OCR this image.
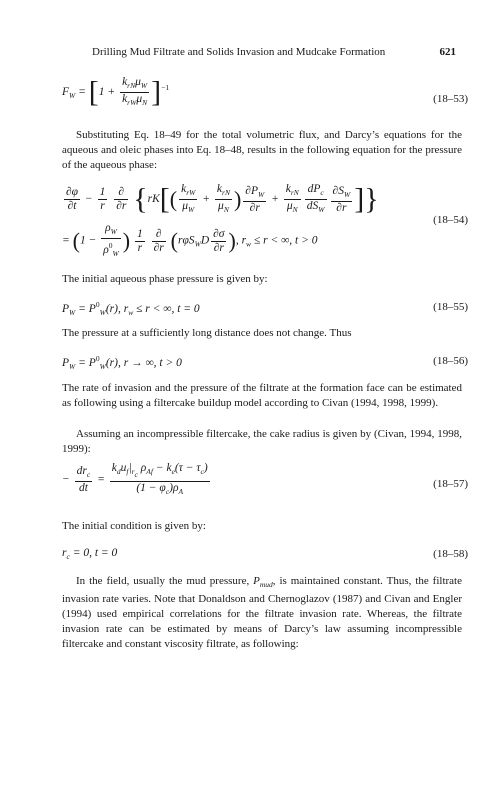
Drilling Mud Filtrate and Solids Invasion and Mudcake Formation	621
$F_W = [1 + \frac{k_{rN}\mu_W}{k_{rW}\mu_N} ]^{-1}$
(18–53)
Substituting Eq. 18–49 for the total volumetric flux, and Darcy’s equations for the aqueous and oleic phases into Eq. 18–48, results in the following equation for the pressure of the aqueous phase:
$\frac{\partial\varphi}{\partial t} - \frac{1}{r}$
$\frac{\partial}{\partial r} \{rK[( \frac{k_{rW}}{\mu_W} + \frac{k_{rN}}{\mu_N}$ ) $\frac{\partial P_W}{\partial r} + \frac{k_{rN}}{\mu_N} \frac{dP_c}{dS_W} \frac{\partial S_W}{\partial r}$ ]}
= ($1 - \frac{\rho_W}{\rho^0_W}$ ) $\frac{1}{r}$
$\frac{\partial}{\partial r} (r\varphi S_WD \frac{\partial\sigma}{\partial r}$ ), $r_w \le r$ < ∞, t > 0
(18–54)
The initial aqueous phase pressure is given by:
$P_W = P^0_W(r)$, $r_w \le r$ < ∞, t = 0	(18–55)
The pressure at a sufficiently long distance does not change. Thus
$P_W = P^0_W(r)$, r → ∞, t > 0	(18–56)
The rate of invasion and the pressure of the filtrate at the formation face can be estimated as following using a filtercake buildup model according to Civan (1994, 1998, 1999).
Assuming an incompressible filtercake, the cake radius is given by (Civan, 1994, 1998, 1999):
− $\frac{dr_c}{dt} = \frac{k_du_f|_{rc} \rho_{Af} - k_e(\tau - \tau_c)}{(1 - \varphi_c)\rho_A}$	(18–57)
The initial condition is given by:
$r_c = 0$, t = 0	(18–58)
In the field, usually the mud pressure, $P_{mud}$, is maintained constant. Thus, the filtrate invasion rate varies. Note that Donaldson and Chernoglazov (1987) and Civan and Engler (1994) used empirical correlations for the filtrate invasion rate. Whereas, the filtrate invasion rate can be estimated by means of Darcy’s law assuming incompressible filtercake and constant viscosity filtrate, as following:
